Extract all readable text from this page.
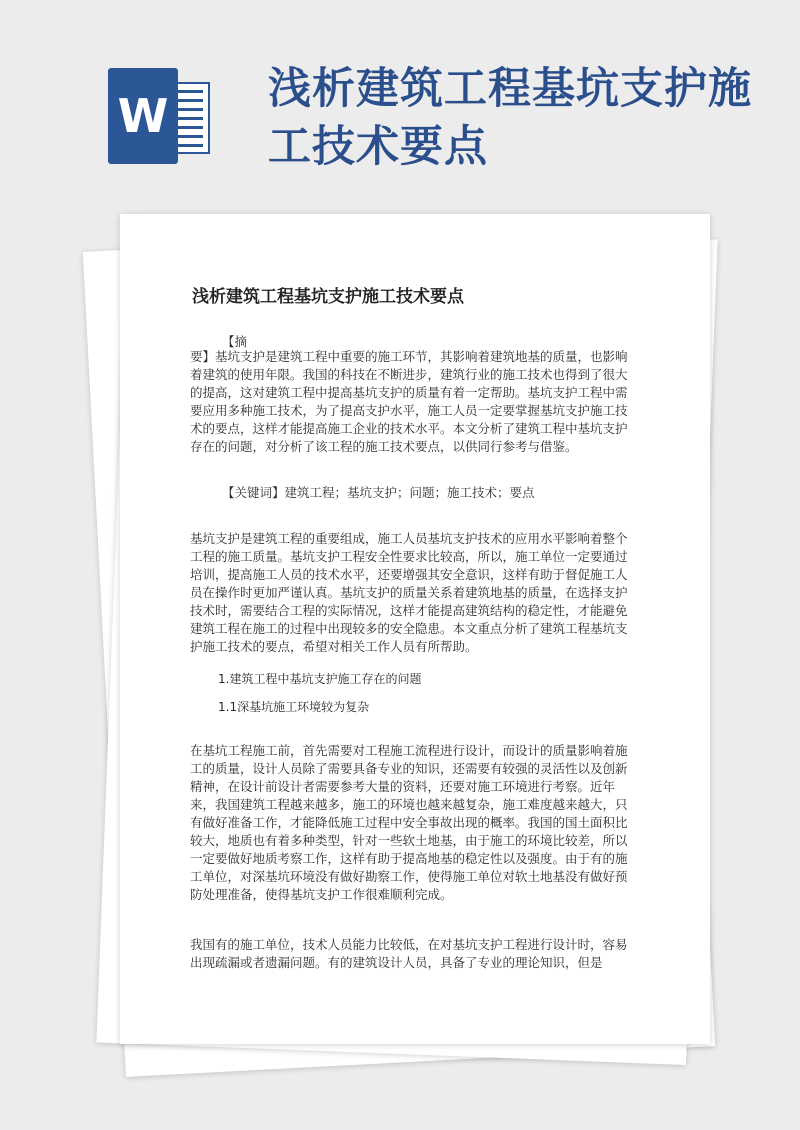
W 浅析建筑工程基坑支护施工技术要点
浅析建筑工程基坑支护施工技术要点
【摘

要】基坑支护是建筑工程中重要的施工环节，其影响着建筑地基的质量，也影响着建筑的使用年限。我国的科技在不断进步，建筑行业的施工技术也得到了很大的提高，这对建筑工程中提高基坑支护的质量有着一定帮助。基坑支护工程中需要应用多种施工技术，为了提高支护水平，施工人员一定要掌握基坑支护施工技术的要点，这样才能提高施工企业的技术水平。本文分析了建筑工程中基坑支护存在的问题，对分析了该工程的施工技术要点，以供同行参考与借鉴。

【关键词】建筑工程；基坑支护；问题；施工技术；要点

基坑支护是建筑工程的重要组成，施工人员基坑支护技术的应用水平影响着整个工程的施工质量。基坑支护工程安全性要求比较高，所以，施工单位一定要通过培训，提高施工人员的技术水平，还要增强其安全意识，这样有助于督促施工人员在操作时更加严谨认真。基坑支护的质量关系着建筑地基的质量，在选择支护技术时，需要结合工程的实际情况，这样才能提高建筑结构的稳定性，才能避免建筑工程在施工的过程中出现较多的安全隐患。本文重点分析了建筑工程基坑支护施工技术的要点，希望对相关工作人员有所帮助。

1.建筑工程中基坑支护施工存在的问题
1.1深基坑施工环境较为复杂

在基坑工程施工前，首先需要对工程施工流程进行设计，而设计的质量影响着施工的质量，设计人员除了需要具备专业的知识，还需要有较强的灵活性以及创新精神，在设计前设计者需要参考大量的资料，还要对施工环境进行考察。近年来，我国建筑工程越来越多，施工的环境也越来越复杂，施工难度越来越大，只有做好准备工作，才能降低施工过程中安全事故出现的概率。我国的国土面积比较大，地质也有着多种类型，针对一些软土地基，由于施工的环境比较差，所以一定要做好地质考察工作，这样有助于提高地基的稳定性以及强度。由于有的施工单位，对深基坑环境没有做好勘察工作，使得施工单位对软土地基没有做好预防处理准备，使得基坑支护工作很难顺利完成。

我国有的施工单位，技术人员能力比较低，在对基坑支护工程进行设计时，容易出现疏漏或者遗漏问题。有的建筑设计人员，具备了专业的理论知识，但是
